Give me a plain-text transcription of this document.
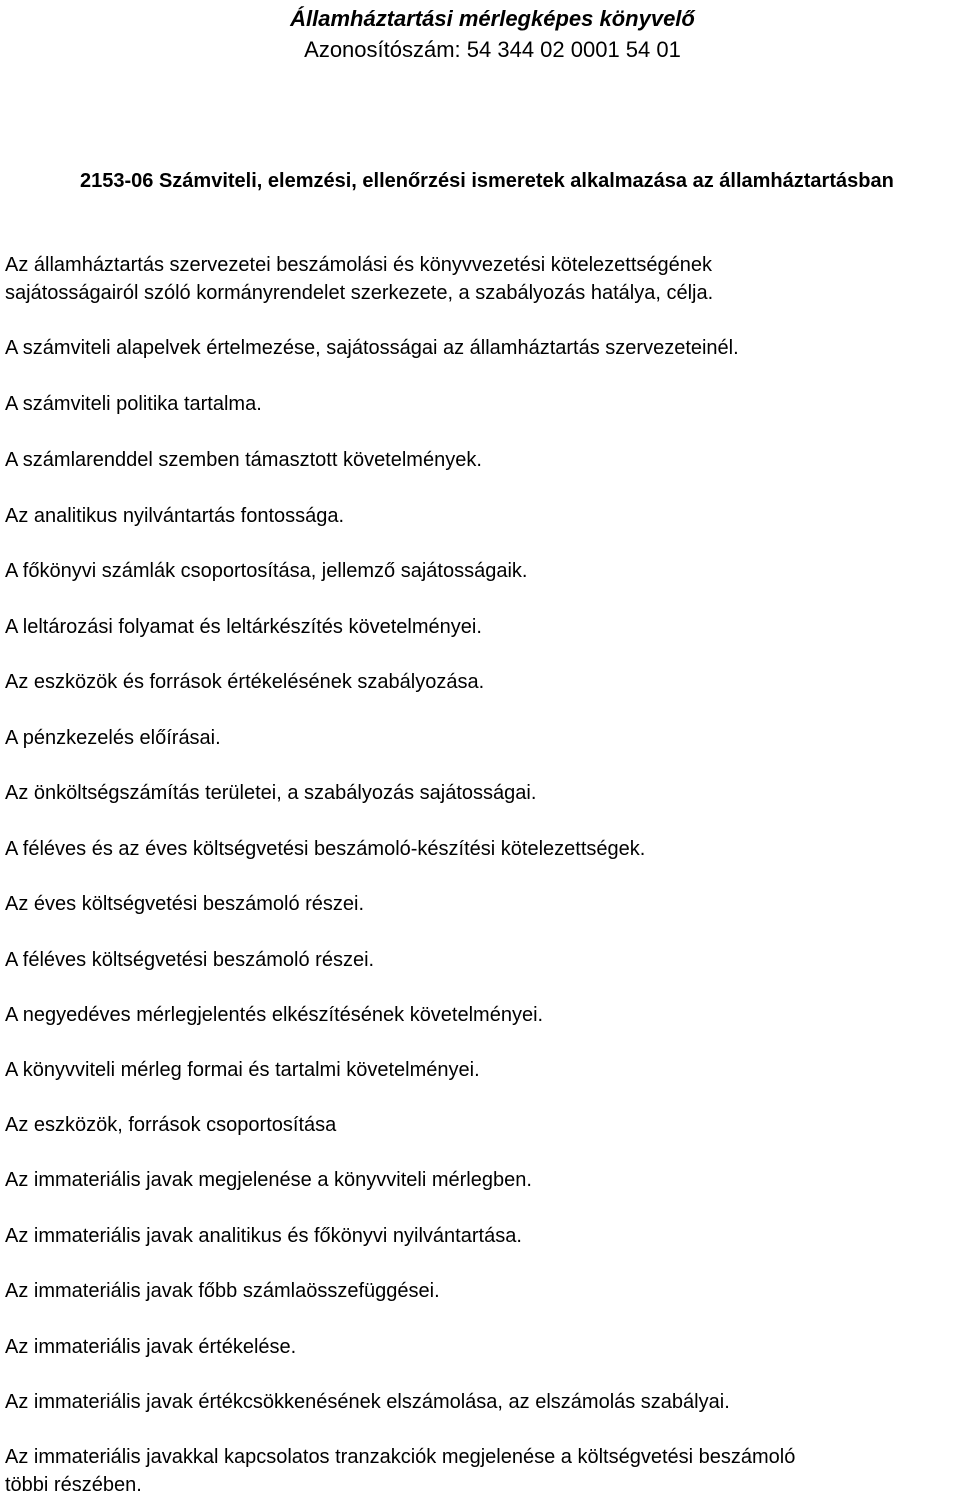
Államháztartási mérlegképes könyvelő

Azonosítószám: 54 344 02 0001 54 01

2153-06 Számviteli, elemzési, ellenőrzési ismeretek alkalmazása az államháztartásban

Az államháztartás szervezetei beszámolási és könyvvezetési kötelezettségének
sajátosságairól szóló kormányrendelet szerkezete, a szabályozás hatálya, célja.

A számviteli alapelvek értelmezése, sajátosságai az államháztartás szervezeteinél.

A számviteli politika tartalma.

A számlarenddel szemben támasztott követelmények.

Az analitikus nyilvántartás fontossága.

A főkönyvi számlák csoportosítása, jellemző sajátosságaik.

A leltározási folyamat és leltárkészítés követelményei.

Az eszközök és források értékelésének szabályozása.

A pénzkezelés előírásai.

Az önköltségszámítás területei, a szabályozás sajátosságai.

A féléves és az éves költségvetési beszámoló-készítési kötelezettségek.

Az éves költségvetési beszámoló részei.

A féléves költségvetési beszámoló részei.

A negyedéves mérlegjelentés elkészítésének követelményei.

A könyvviteli mérleg formai és tartalmi követelményei.

Az eszközök, források csoportosítása

Az immateriális javak megjelenése a könyvviteli mérlegben.

Az immateriális javak analitikus és főkönyvi nyilvántartása.

Az immateriális javak főbb számlaösszefüggései.

Az immateriális javak értékelése.

Az immateriális javak értékcsökkenésének elszámolása, az elszámolás szabályai.

Az immateriális javakkal kapcsolatos tranzakciók megjelenése a költségvetési beszámoló
többi részében.
